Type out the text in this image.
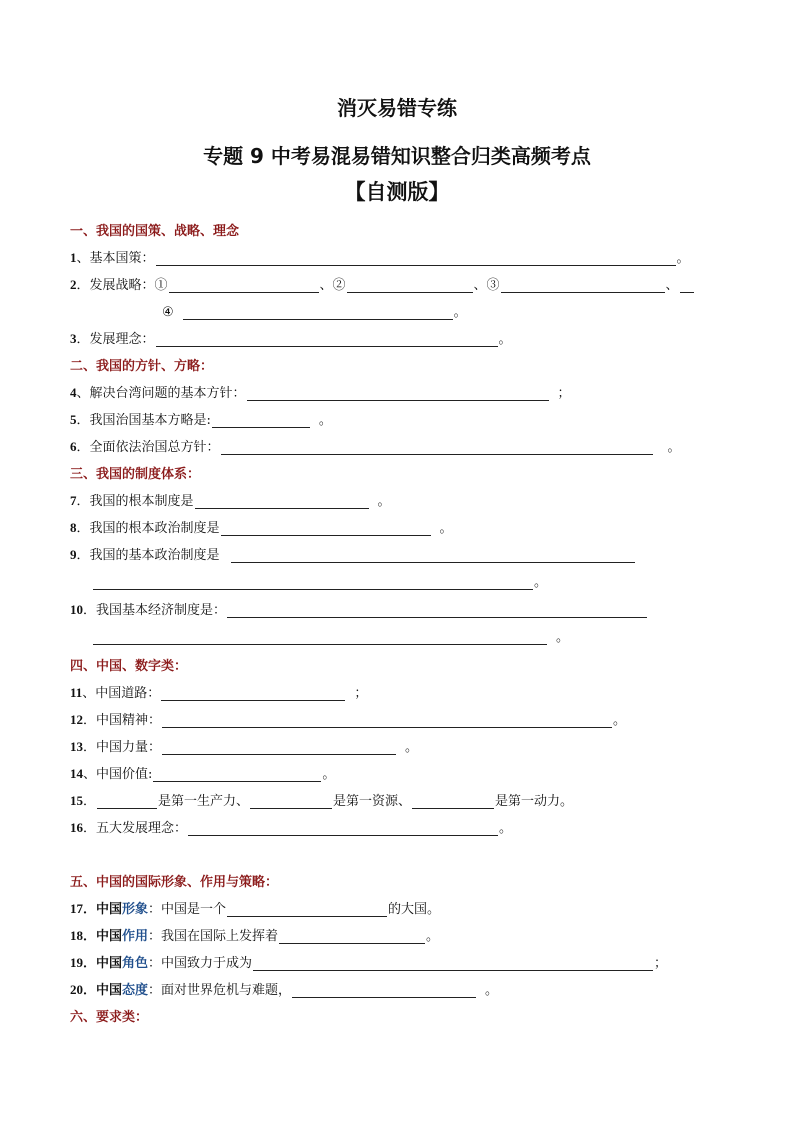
消灭易错专练
专题 9 中考易混易错知识整合归类高频考点
【自测版】
一、我国的国策、战略、理念
1 、基本国策：	。
2 ．发展战略：①	、②	、③	、
④	。
3 ．发展理念：	。
二、我国的方针、方略：
4 、解决台湾问题的基本方针：	；
5 ．我国治国基本方略是:	。
6 ．全面依法治国总方针：	。
三、我国的制度体系：
7 ．我国的根本制度是	。
8 ．我国的根本政治制度是	。
9 ．我国的基本政治制度是
。
10 ．我国基本经济制度是：
。
四、中国、数字类：
11 、中国道路：	；
12 ．中国精神：	。
13 ．中国力量：	。
14 、中国价值:	。
15 ．	是第一生产力、	是第一资源、	是第一动力。
16 ．五大发展理念：	。
五、中国的国际形象、作用与策略：
17 ．中国 形象 ：中国是一个	的大国。
18 ．中国 作用 ：我国在国际上发挥着	。
19 ．中国 角色 ：中国致力于成为	；
20 ．中国 态度 ：面对世界危机与难题，	。
六、要求类：
